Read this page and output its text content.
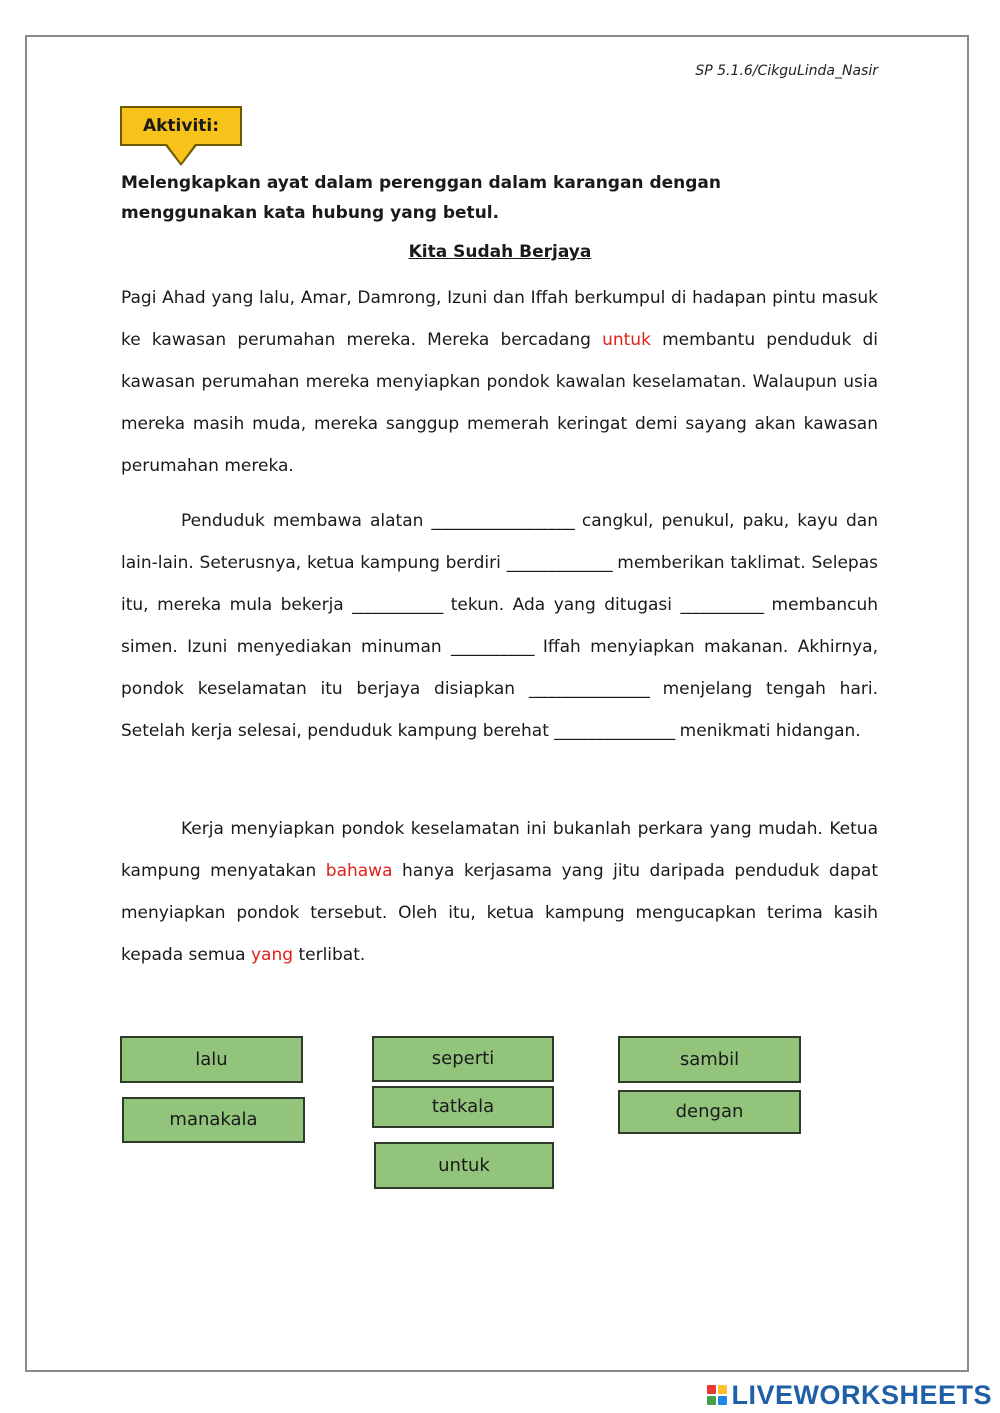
SP 5.1.6/CikguLinda_Nasir
Aktiviti:
Melengkapkan ayat dalam perenggan dalam karangan dengan menggunakan kata hubung yang betul.
Kita Sudah Berjaya
Pagi Ahad yang lalu, Amar, Damrong, Izuni dan Iffah berkumpul di hadapan pintu masuk ke kawasan perumahan mereka. Mereka bercadang untuk membantu penduduk di kawasan perumahan mereka menyiapkan pondok kawalan keselamatan. Walaupun usia mereka masih muda, mereka sanggup memerah keringat demi sayang akan kawasan perumahan mereka.
Penduduk membawa alatan ___________________ cangkul, penukul, paku, kayu dan lain-lain. Seterusnya, ketua kampung berdiri ______________ memberikan taklimat. Selepas itu, mereka mula bekerja ____________ tekun. Ada yang ditugasi ___________ membancuh simen. Izuni menyediakan minuman ___________ Iffah menyiapkan makanan. Akhirnya, pondok keselamatan itu berjaya disiapkan ________________ menjelang tengah hari. Setelah kerja selesai, penduduk kampung berehat ________________ menikmati hidangan.
Kerja menyiapkan pondok keselamatan ini bukanlah perkara yang mudah. Ketua kampung menyatakan bahawa hanya kerjasama yang jitu daripada penduduk dapat menyiapkan pondok tersebut. Oleh itu, ketua kampung mengucapkan terima kasih kepada semua yang terlibat.
lalu
manakala
seperti
tatkala
untuk
sambil
dengan
LIVEWORKSHEETS
